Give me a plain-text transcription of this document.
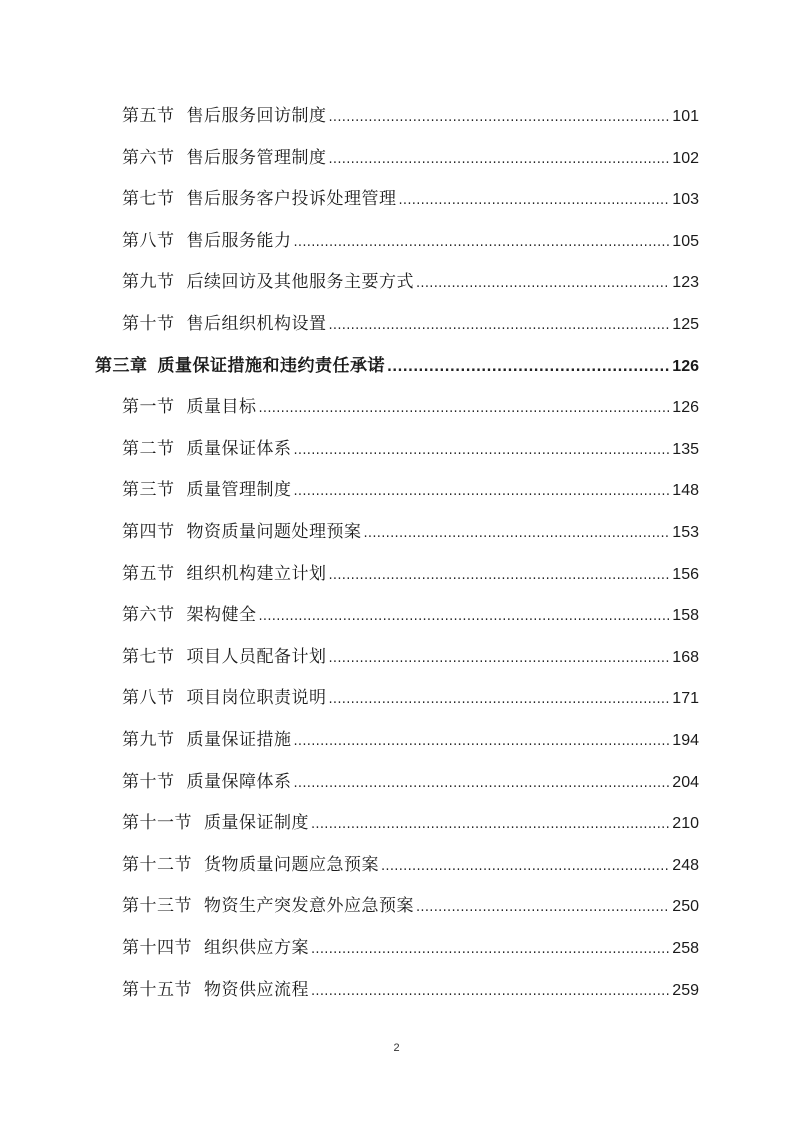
第五节 售后服务回访制度 .....	101
第六节 售后服务管理制度 .....	102
第七节 售后服务客户投诉处理管理 .....	103
第八节 售后服务能力 .....	105
第九节 后续回访及其他服务主要方式 .....	123
第十节 售后组织机构设置 .....	125
第三章 质量保证措施和违约责任承诺 .....	126
第一节 质量目标 .....	126
第二节 质量保证体系 .....	135
第三节 质量管理制度 .....	148
第四节 物资质量问题处理预案 .....	153
第五节 组织机构建立计划 .....	156
第六节 架构健全 .....	158
第七节 项目人员配备计划 .....	168
第八节 项目岗位职责说明 .....	171
第九节 质量保证措施 .....	194
第十节 质量保障体系 .....	204
第十一节 质量保证制度 .....	210
第十二节 货物质量问题应急预案 .....	248
第十三节 物资生产突发意外应急预案 .....	250
第十四节 组织供应方案 .....	258
第十五节 物资供应流程 .....	259
2
